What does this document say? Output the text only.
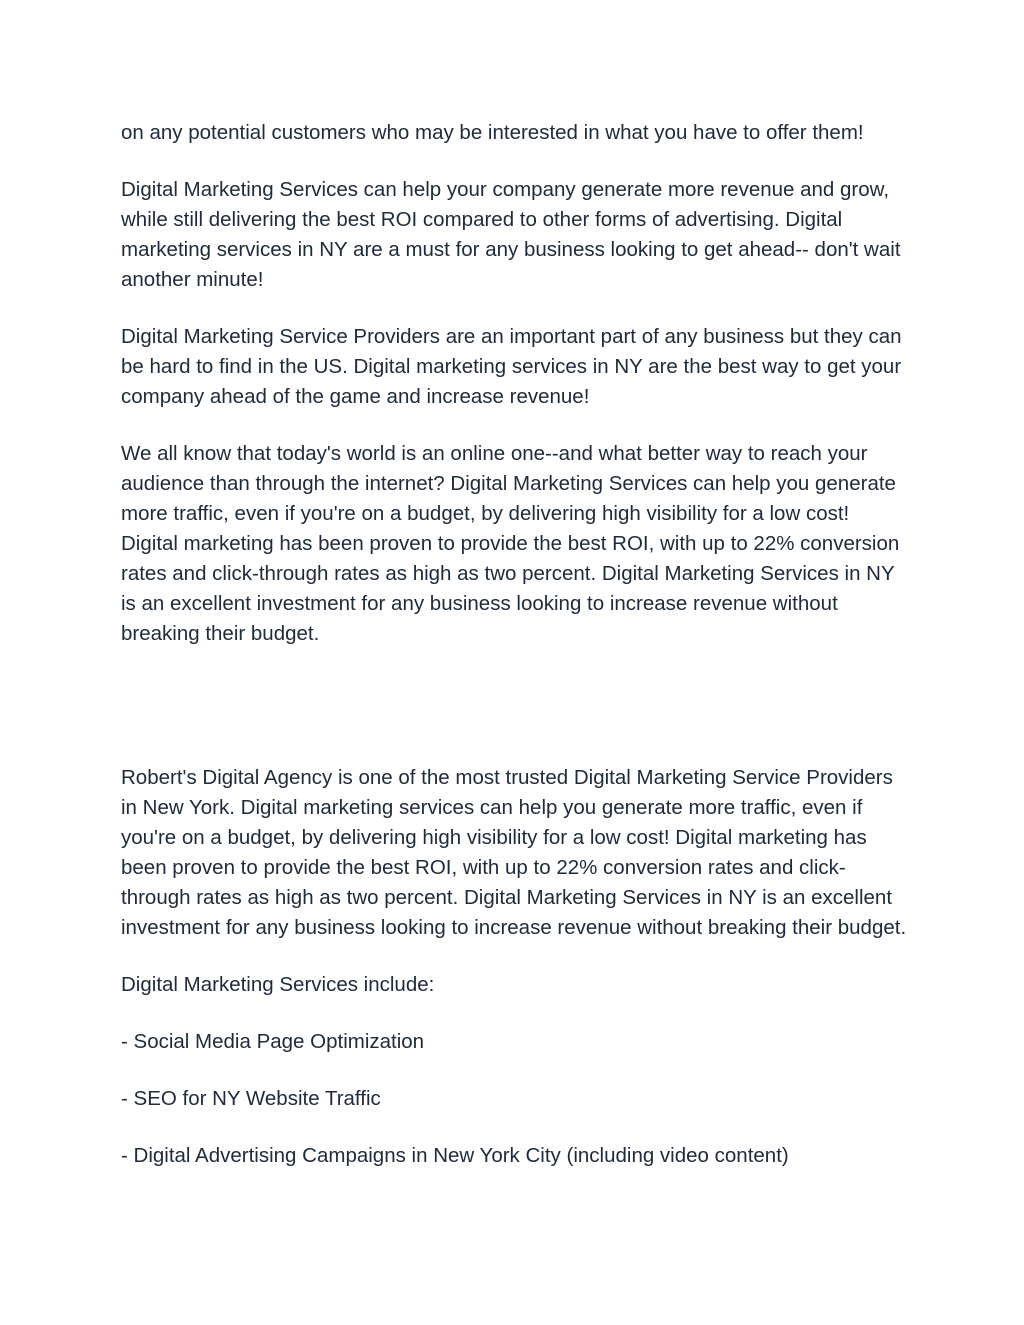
on any potential customers who may be interested in what you have to offer them!

Digital Marketing Services can help your company generate more revenue and grow, while still delivering the best ROI compared to other forms of advertising. Digital marketing services in NY are a must for any business looking to get ahead-- don't wait another minute!

Digital Marketing Service Providers are an important part of any business but they can be hard to find in the US. Digital marketing services in NY are the best way to get your company ahead of the game and increase revenue!

We all know that today's world is an online one--and what better way to reach your audience than through the internet? Digital Marketing Services can help you generate more traffic, even if you're on a budget, by delivering high visibility for a low cost! Digital marketing has been proven to provide the best ROI, with up to 22% conversion rates and click-through rates as high as two percent. Digital Marketing Services in NY is an excellent investment for any business looking to increase revenue without breaking their budget.

Robert's Digital Agency is one of the most trusted Digital Marketing Service Providers in New York. Digital marketing services can help you generate more traffic, even if you're on a budget, by delivering high visibility for a low cost! Digital marketing has been proven to provide the best ROI, with up to 22% conversion rates and click-through rates as high as two percent. Digital Marketing Services in NY is an excellent investment for any business looking to increase revenue without breaking their budget.

Digital Marketing Services include:

- Social Media Page Optimization

- SEO for NY Website Traffic

- Digital Advertising Campaigns in New York City (including video content)
